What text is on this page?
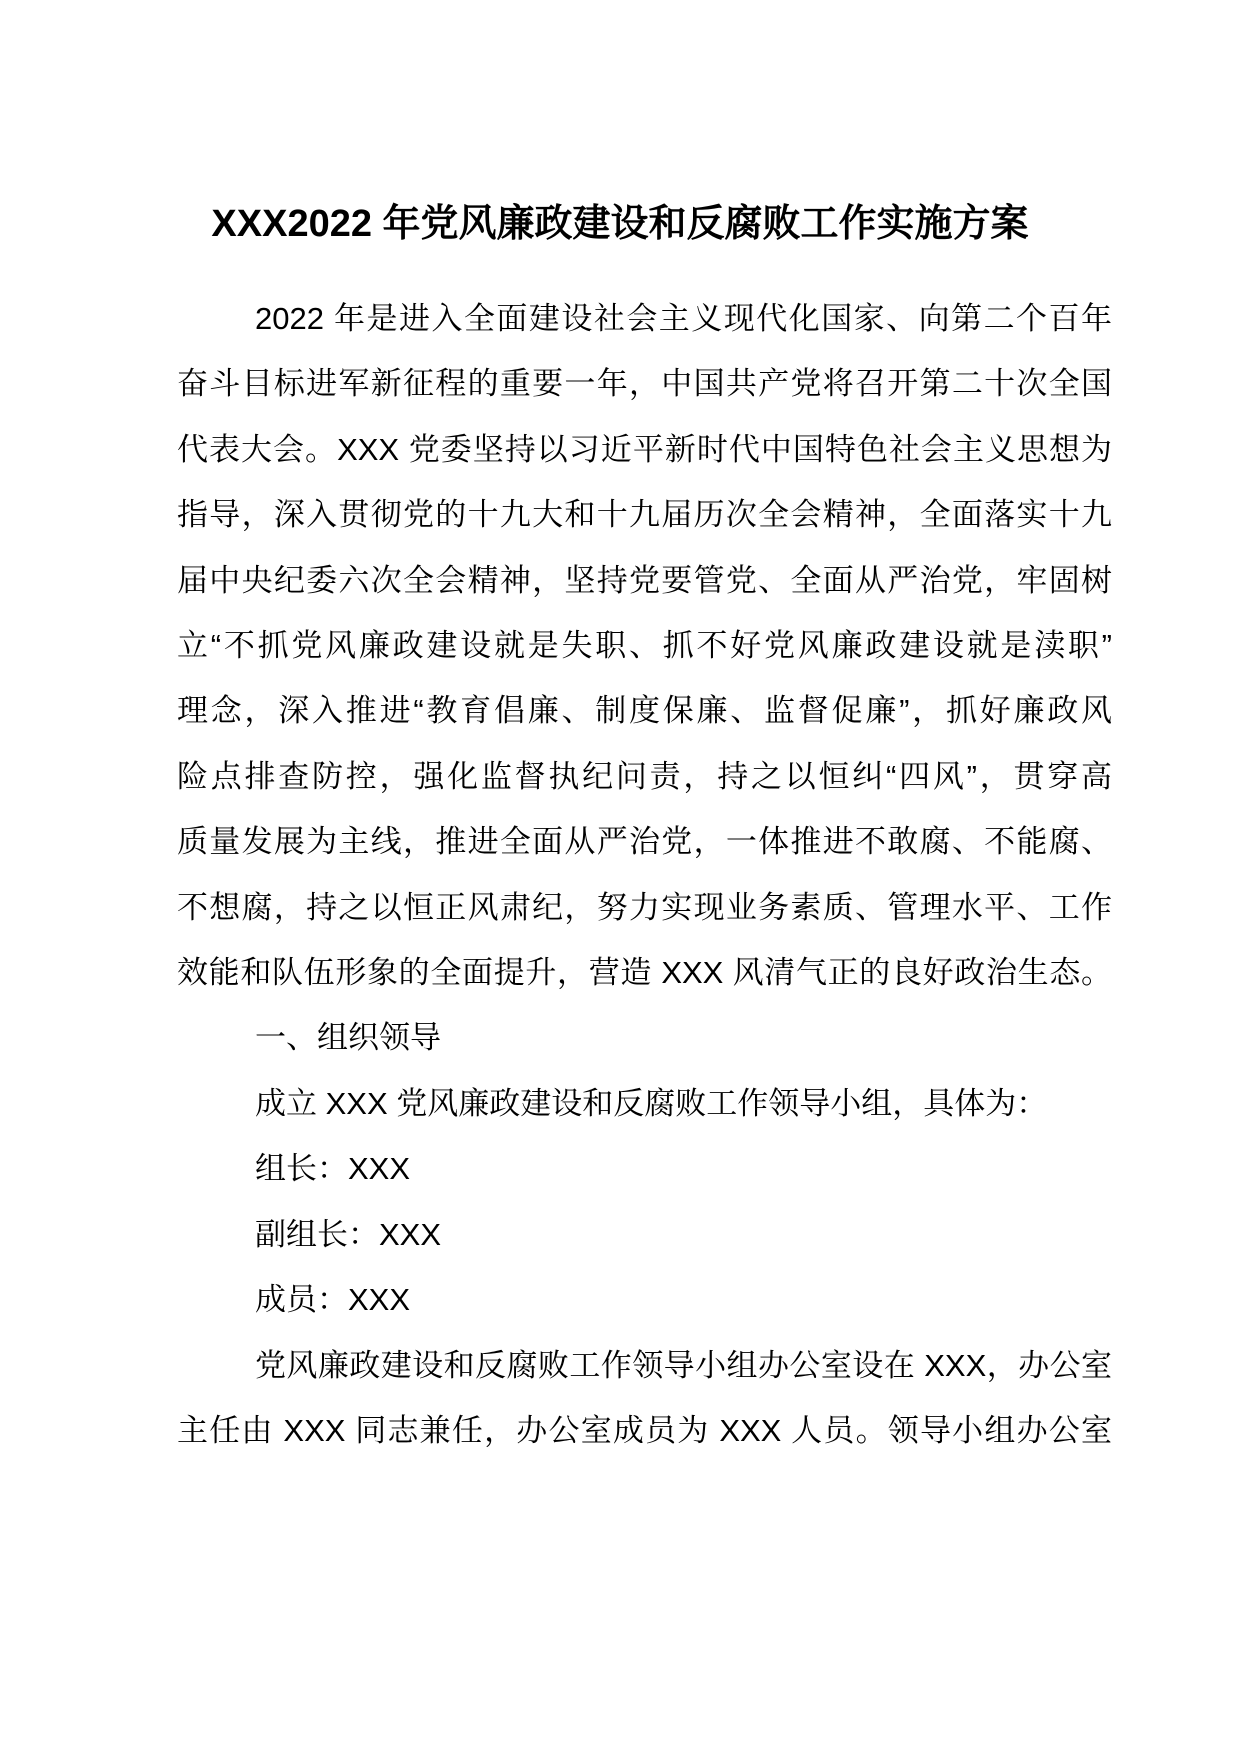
XXX2022 年党风廉政建设和反腐败工作实施方案
2022 年是进入全面建设社会主义现代化国家、向第二个百年
奋斗目标进军新征程的重要一年，中国共产党将召开第二十次全国
代表大会。XXX 党委坚持以习近平新时代中国特色社会主义思想为
指导，深入贯彻党的十九大和十九届历次全会精神，全面落实十九
届中央纪委六次全会精神，坚持党要管党、全面从严治党，牢固树
立“不抓党风廉政建设就是失职、抓不好党风廉政建设就是渎职”
理念，深入推进“教育倡廉、制度保廉、监督促廉”，抓好廉政风
险点排查防控，强化监督执纪问责，持之以恒纠“四风”，贯穿高
质量发展为主线，推进全面从严治党，一体推进不敢腐、不能腐、
不想腐，持之以恒正风肃纪，努力实现业务素质、管理水平、工作
效能和队伍形象的全面提升，营造 XXX 风清气正的良好政治生态。
一、组织领导
成立 XXX 党风廉政建设和反腐败工作领导小组，具体为：
组长：XXX
副组长：XXX
成员：XXX
党风廉政建设和反腐败工作领导小组办公室设在 XXX，办公室
主任由 XXX 同志兼任，办公室成员为 XXX 人员。领导小组办公室
